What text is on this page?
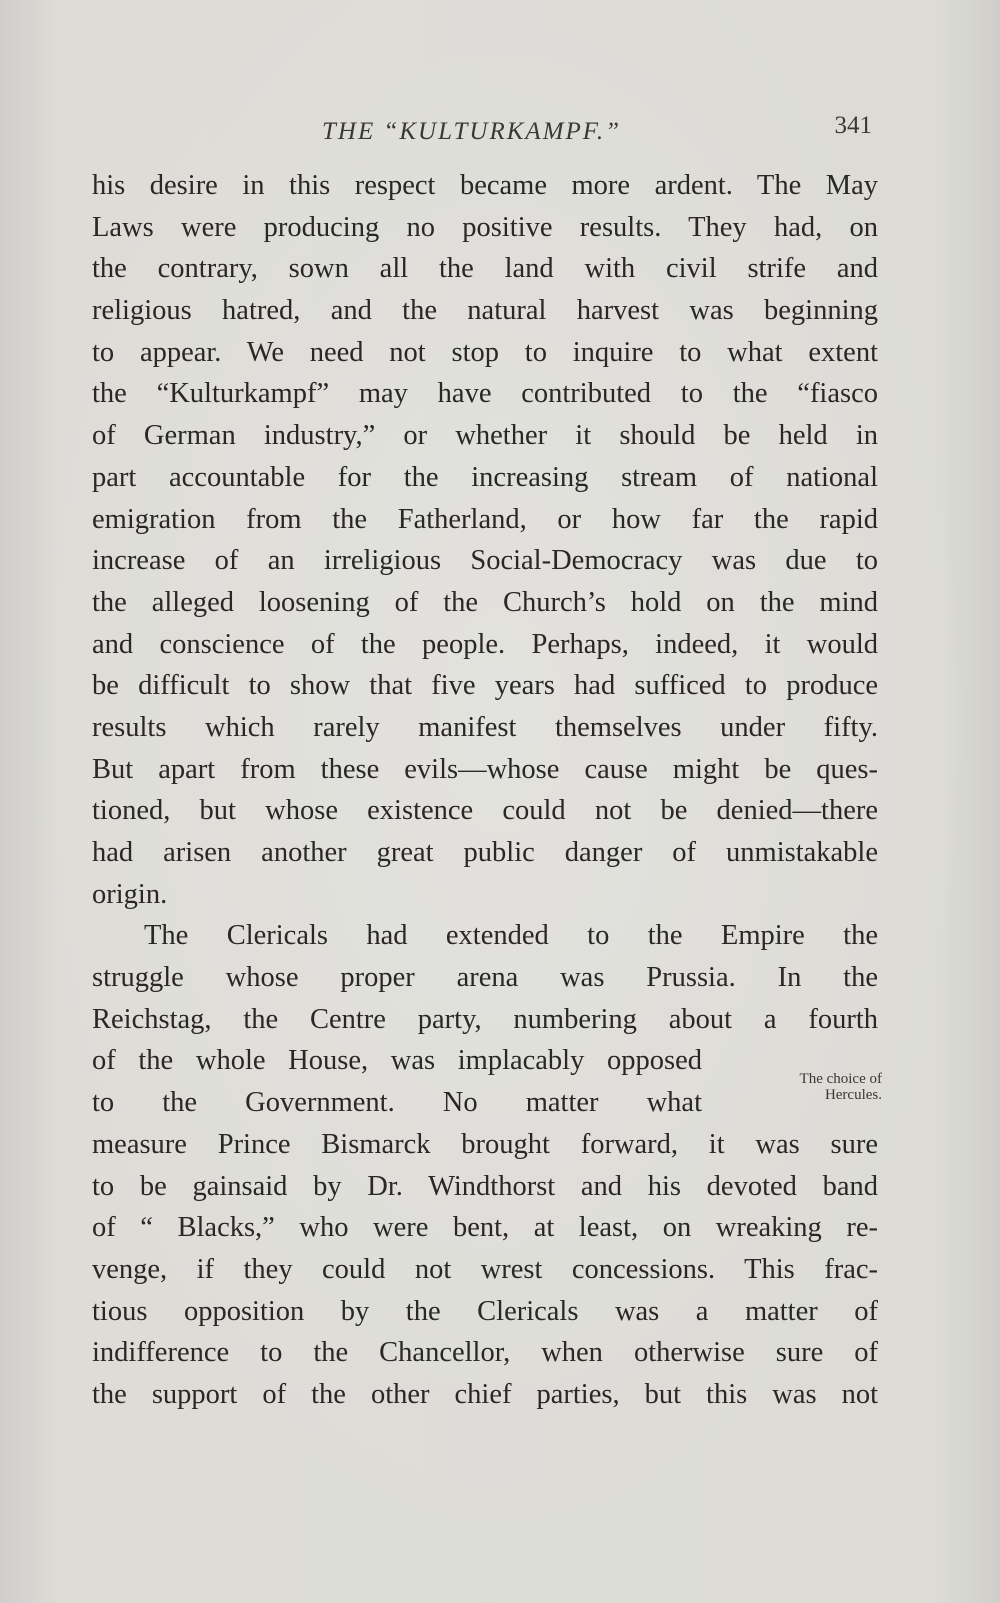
THE “KULTURKAMPF.”	341
his desire in this respect became more ardent. The May
Laws were producing no positive results. They had, on
the contrary, sown all the land with civil strife and
religious hatred, and the natural harvest was beginning
to appear. We need not stop to inquire to what extent
the “Kulturkampf” may have contributed to the “fiasco
of German industry,” or whether it should be held in
part accountable for the increasing stream of national
emigration from the Fatherland, or how far the rapid
increase of an irreligious Social-Democracy was due to
the alleged loosening of the Church’s hold on the mind
and conscience of the people. Perhaps, indeed, it would
be difficult to show that five years had sufficed to produce
results which rarely manifest themselves under fifty.
But apart from these evils—whose cause might be ques-
tioned, but whose existence could not be denied—there
had arisen another great public danger of unmistakable
origin.
The Clericals had extended to the Empire the
struggle whose proper arena was Prussia. In the
Reichstag, the Centre party, numbering about a fourth
of the whole House, was implacably opposed
to the Government. No matter what
measure Prince Bismarck brought forward, it was sure
to be gainsaid by Dr. Windthorst and his devoted band
of “ Blacks,” who were bent, at least, on wreaking re-
venge, if they could not wrest concessions. This frac-
tious opposition by the Clericals was a matter of
indifference to the Chancellor, when otherwise sure of
the support of the other chief parties, but this was not
The choice of
Hercules.
